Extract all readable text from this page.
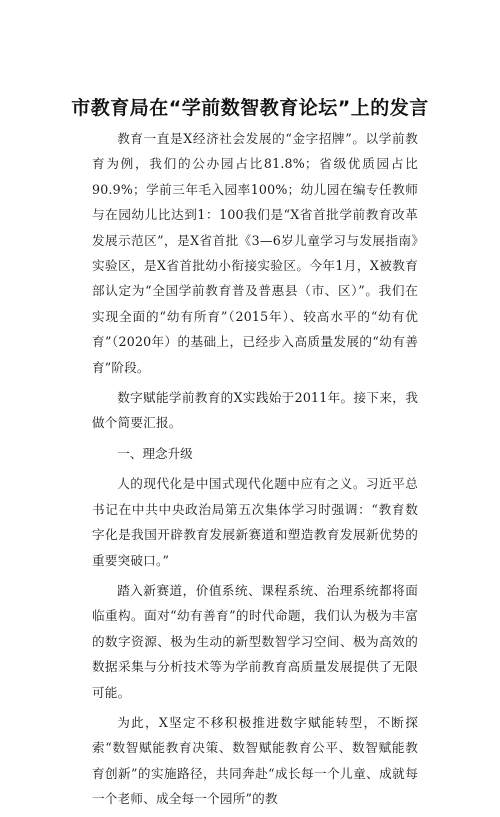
市教育局在“学前数智教育论坛”上的发言

教育一直是X经济社会发展的“金字招牌”。以学前教育为例，我们的公办园占比81.8%；省级优质园占比90.9%；学前三年毛入园率100%；幼儿园在编专任教师与在园幼儿比达到1：100我们是“X省首批学前教育改革发展示范区”，是X省首批《3—6岁儿童学习与发展指南》实验区，是X省首批幼小衔接实验区。今年1月，X被教育部认定为“全国学前教育普及普惠县（市、区）”。我们在实现全面的“幼有所育”（2015年）、较高水平的“幼有优育”（2020年）的基础上，已经步入高质量发展的“幼有善育”阶段。

数字赋能学前教育的X实践始于2011年。接下来，我做个简要汇报。

一、理念升级

人的现代化是中国式现代化题中应有之义。习近平总书记在中共中央政治局第五次集体学习时强调：“教育数字化是我国开辟教育发展新赛道和塑造教育发展新优势的重要突破口。”

踏入新赛道，价值系统、课程系统、治理系统都将面临重构。面对“幼有善育”的时代命题，我们认为极为丰富的数字资源、极为生动的新型数智学习空间、极为高效的数据采集与分析技术等为学前教育高质量发展提供了无限可能。

为此，X坚定不移积极推进数字赋能转型，不断探索“数智赋能教育决策、数智赋能教育公平、数智赋能教育创新”的实施路径，共同奔赴“成长每一个儿童、成就每一个老师、成全每一个园所”的教
